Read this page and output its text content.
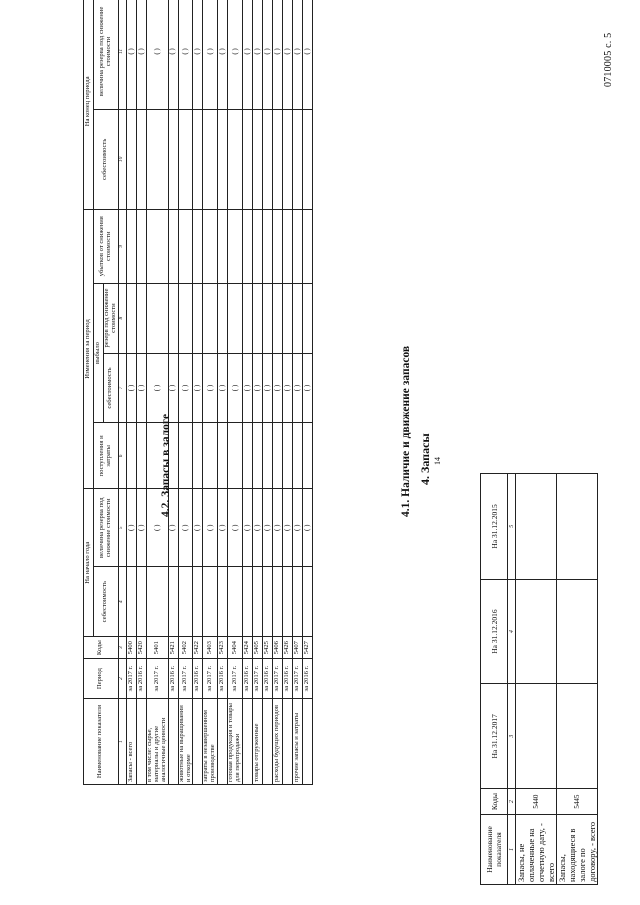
0710005 с. 5
14
4. Запасы
4.1. Наличие и движение запасов
Наименование показателя	Период	Коды	На начало года		Изменения за период				На конец периода	
			себестоимость	величина резерва под снижение стоимости	поступления и затраты	выбыло		убытков от снижения стоимости	себестоимость	величина резерва под снижение стоимости
						себестоимость	резерв под снижение стоимости			
1	2	3	4	5	6	7	8	9	10	11
Запасы - всего	за 2017 г.	5400		( )		( )				( )
	за 2016 г.	5420		( )		( )				( )
в том числе: сырье, материалы и другие аналогичные ценности	за 2017 г.	5401		( )		( )				( )
	за 2016 г.	5421		( )		( )				( )
животные на выращивании и откорме	за 2017 г.	5402		( )		( )				( )
	за 2016 г.	5422		( )		( )				( )
затраты в незавершенном производстве	за 2017 г.	5403		( )		( )				( )
	за 2016 г.	5423		( )		( )				( )
готовая продукция и товары для перепродажи	за 2017 г.	5404		( )		( )				( )
	за 2016 г.	5424		( )		( )				( )
товары отгруженные	за 2017 г.	5405		( )		( )				( )
	за 2016 г.	5425		( )		( )				( )
расходы будущих периодов	за 2017 г.	5406		( )		( )				( )
	за 2016 г.	5426		( )		( )				( )
прочие запасы и затраты	за 2017 г.	5407		( )		( )				( )
	за 2016 г.	5427		( )		( )				( )
4.2. Запасы в залоге
Наименование показателя	Коды	На 31.12.2017	На 31.12.2016	На 31.12.2015
1	2	3	4	5
Запасы, не оплаченные на отчетную дату, - всего	5440			
Запасы, находящиеся в залоге по договору, - всего	5445			
